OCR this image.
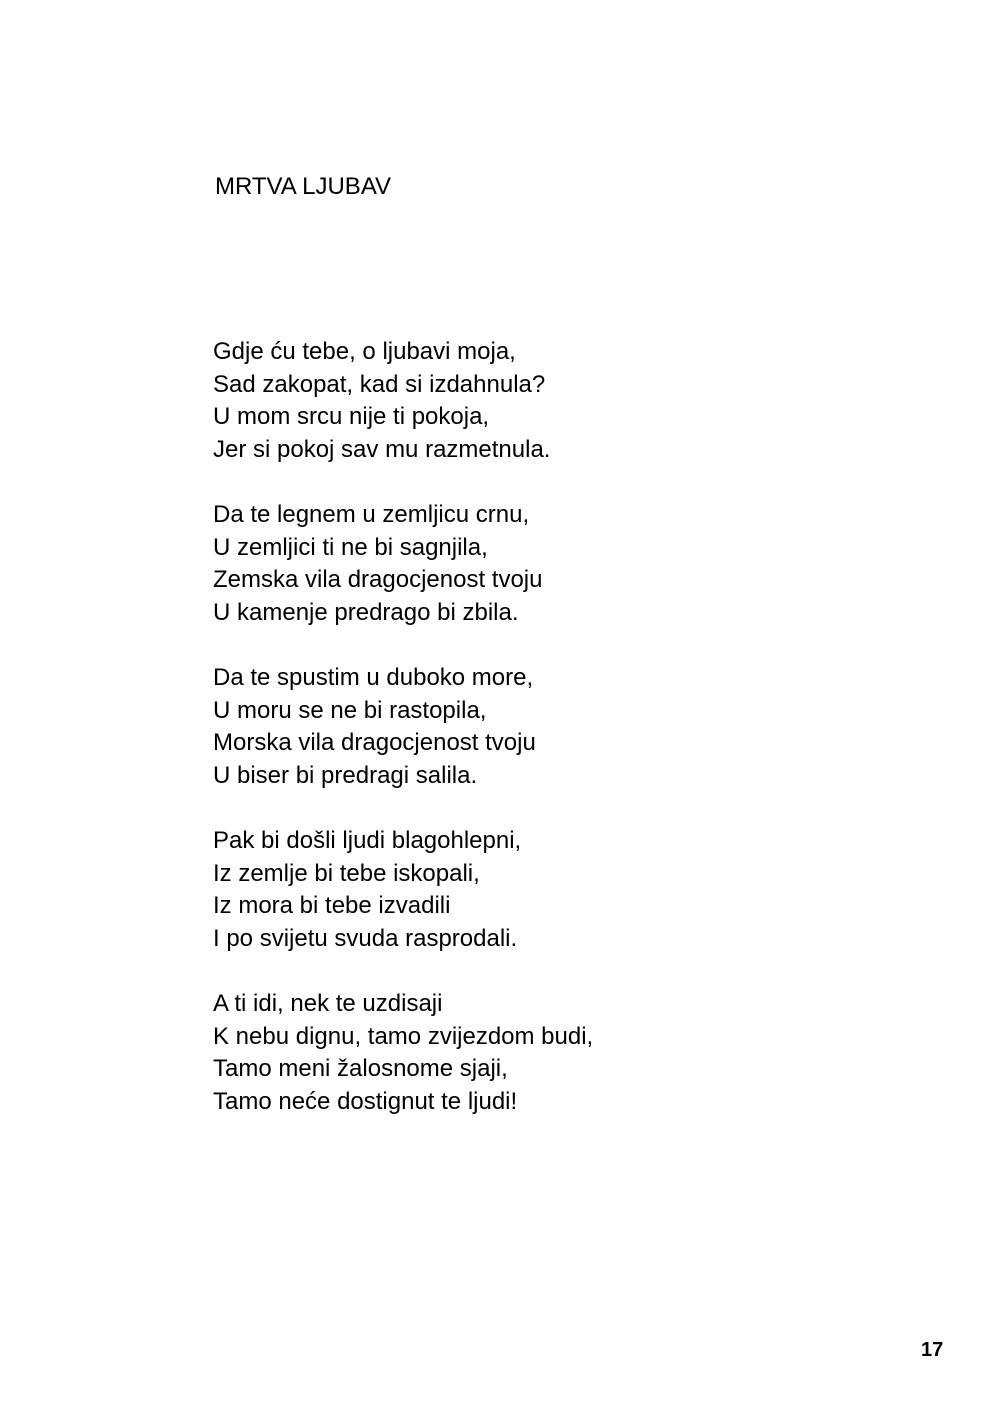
MRTVA LJUBAV
Gdje ću tebe, o ljubavi moja,
Sad zakopat, kad si izdahnula?
U mom srcu nije ti pokoja,
Jer si pokoj sav mu razmetnula.
Da te legnem u zemljicu crnu,
U zemljici ti ne bi sagnjila,
Zemska vila dragocjenost tvoju
U kamenje predrago bi zbila.
Da te spustim u duboko more,
U moru se ne bi rastopila,
Morska vila dragocjenost tvoju
U biser bi predragi salila.
Pak bi došli ljudi blagohlepni,
Iz zemlje bi tebe iskopali,
Iz mora bi tebe izvadili
I po svijetu svuda rasprodali.
A ti idi, nek te uzdisaji
K nebu dignu, tamo zvijezdom budi,
Tamo meni žalosnome sjaji,
Tamo neće dostignut te ljudi!
17
